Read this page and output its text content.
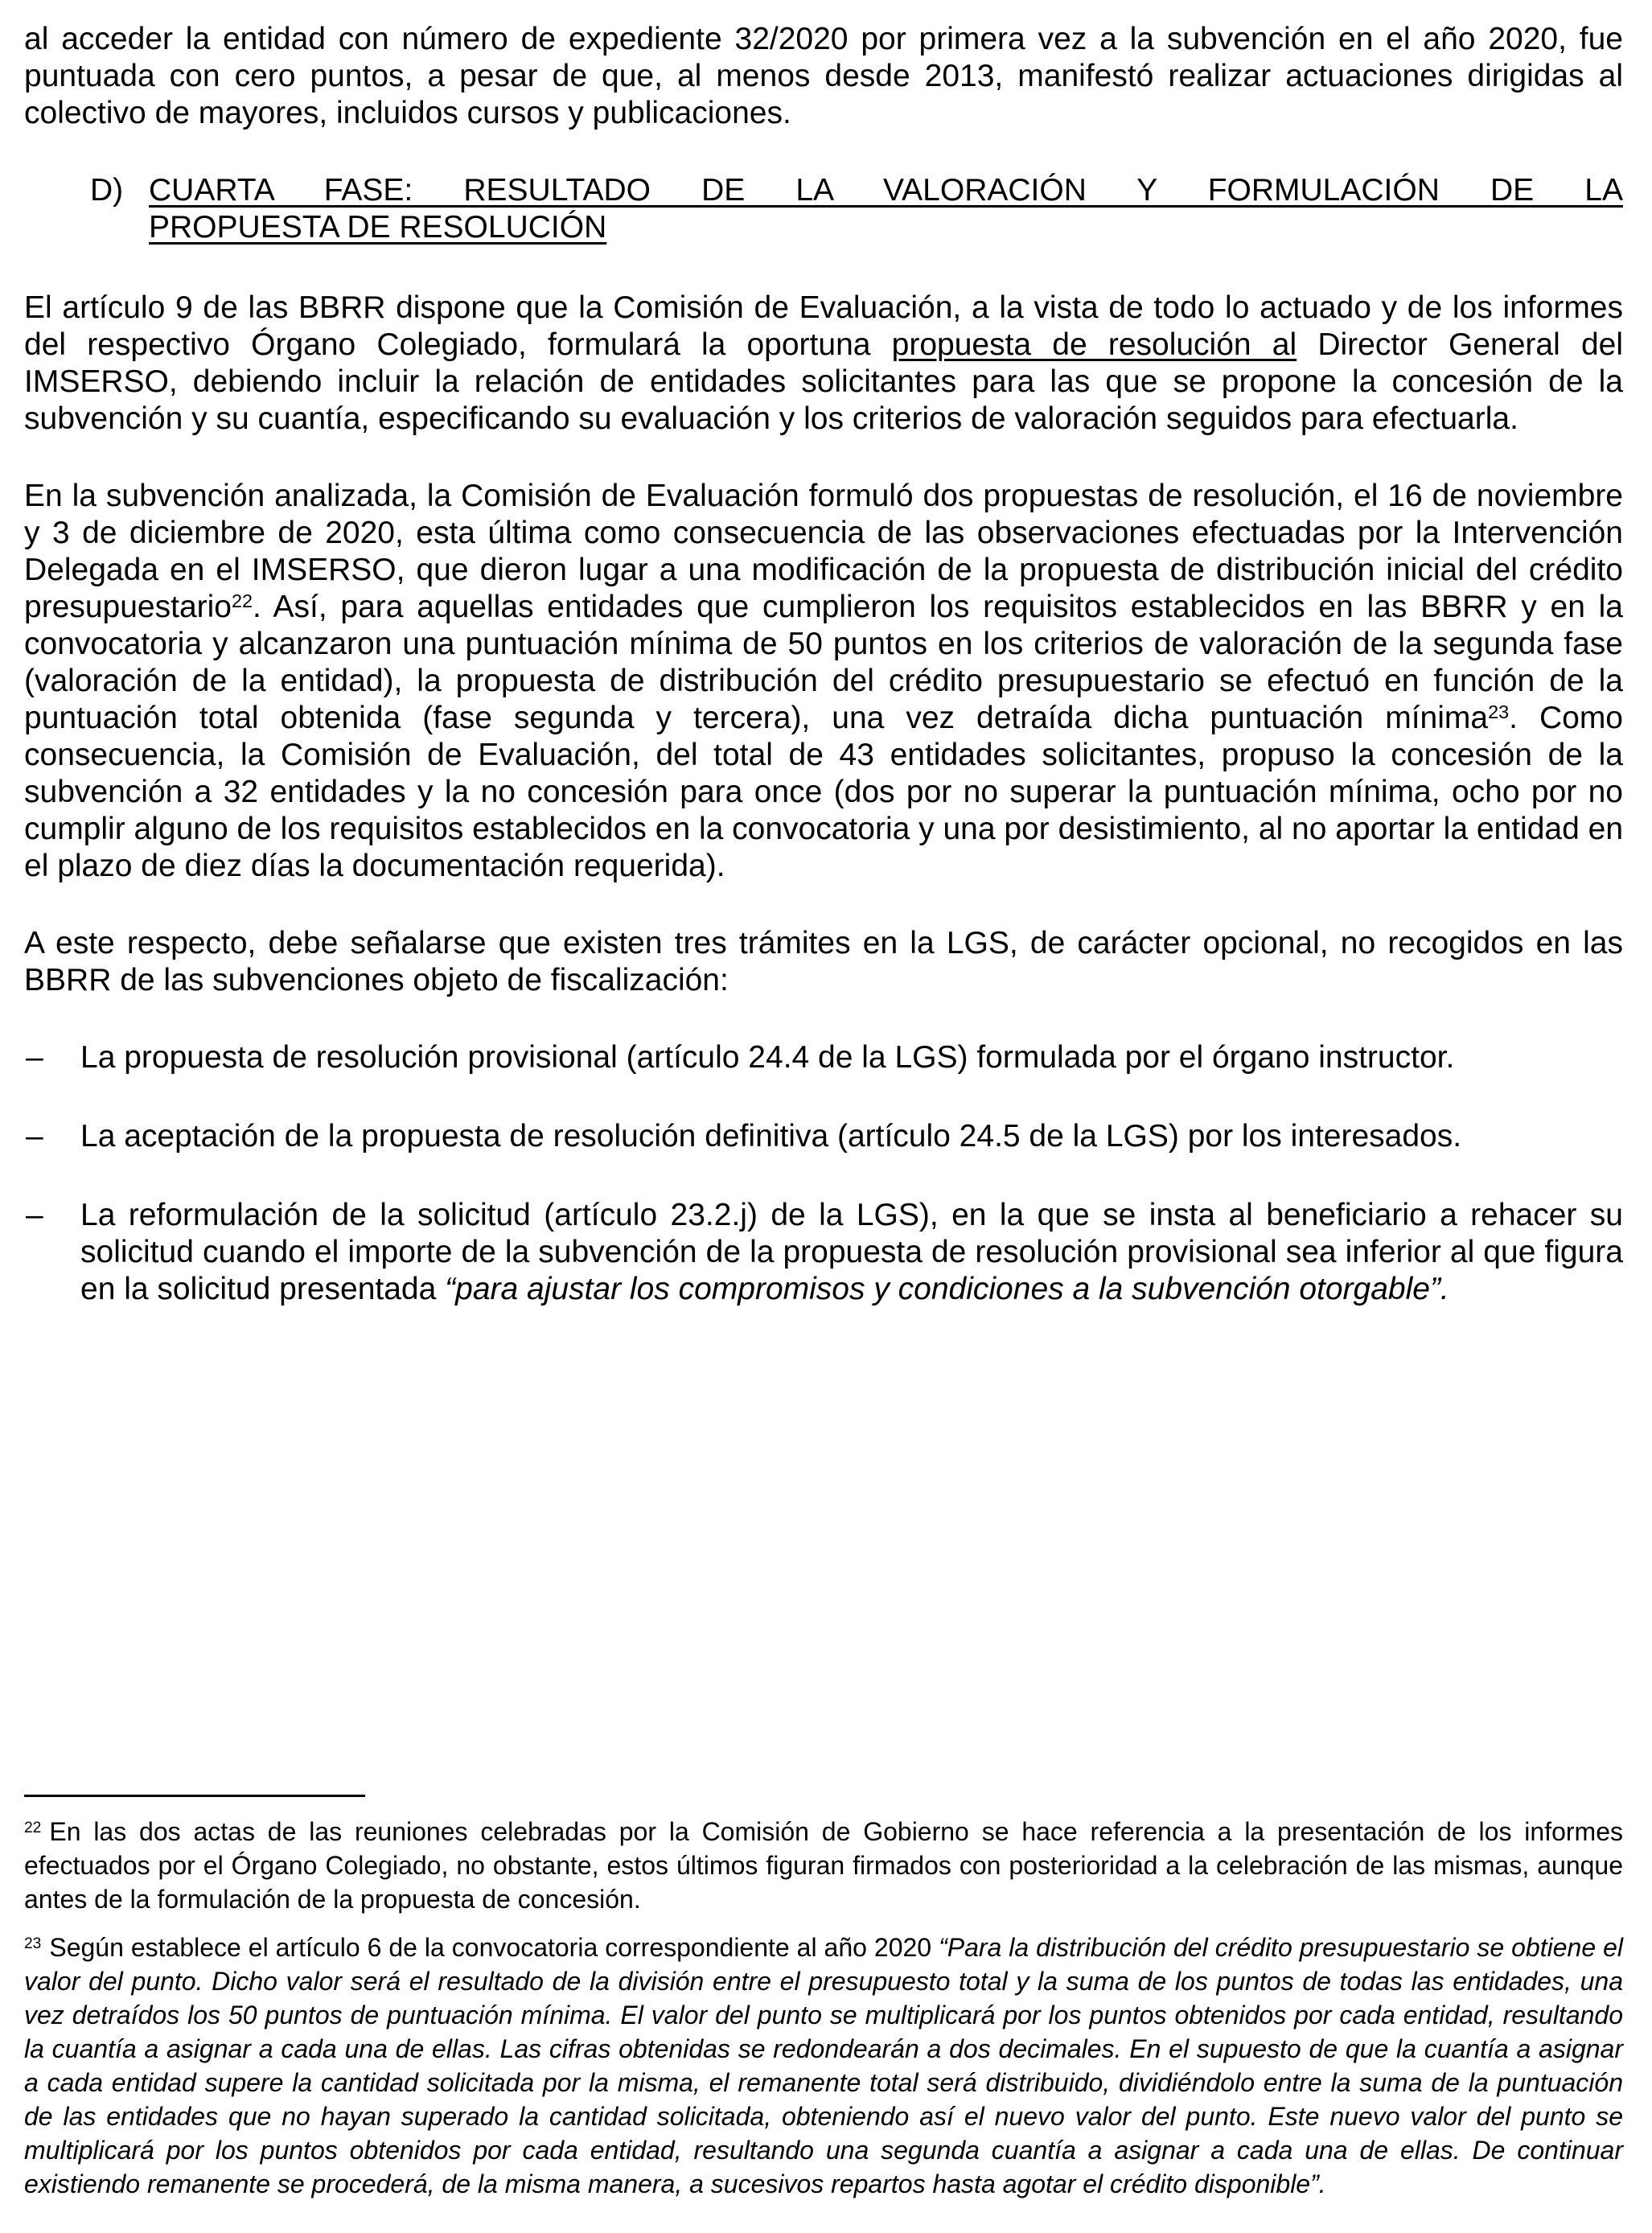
al acceder la entidad con número de expediente 32/2020 por primera vez a la subvención en el año 2020, fue puntuada con cero puntos, a pesar de que, al menos desde 2013, manifestó realizar actuaciones dirigidas al colectivo de mayores, incluidos cursos y publicaciones.

D) CUARTA FASE: RESULTADO DE LA VALORACIÓN Y FORMULACIÓN DE LA
PROPUESTA DE RESOLUCIÓN

El artículo 9 de las BBRR dispone que la Comisión de Evaluación, a la vista de todo lo actuado y de los informes del respectivo Órgano Colegiado, formulará la oportuna propuesta de resolución al Director General del IMSERSO, debiendo incluir la relación de entidades solicitantes para las que se propone la concesión de la subvención y su cuantía, especificando su evaluación y los criterios de valoración seguidos para efectuarla.

En la subvención analizada, la Comisión de Evaluación formuló dos propuestas de resolución, el 16 de noviembre y 3 de diciembre de 2020, esta última como consecuencia de las observaciones efectuadas por la Intervención Delegada en el IMSERSO, que dieron lugar a una modificación de la propuesta de distribución inicial del crédito presupuestario$^{22}$. Así, para aquellas entidades que cumplieron los requisitos establecidos en las BBRR y en la convocatoria y alcanzaron una puntuación mínima de 50 puntos en los criterios de valoración de la segunda fase (valoración de la entidad), la propuesta de distribución del crédito presupuestario se efectuó en función de la puntuación total obtenida (fase segunda y tercera), una vez detraída dicha puntuación mínima$^{23}$. Como consecuencia, la Comisión de Evaluación, del total de 43 entidades solicitantes, propuso la concesión de la subvención a 32 entidades y la no concesión para once (dos por no superar la puntuación mínima, ocho por no cumplir alguno de los requisitos establecidos en la convocatoria y una por desistimiento, al no aportar la entidad en el plazo de diez días la documentación requerida).

A este respecto, debe señalarse que existen tres trámites en la LGS, de carácter opcional, no recogidos en las BBRR de las subvenciones objeto de fiscalización:

– La propuesta de resolución provisional (artículo 24.4 de la LGS) formulada por el órgano instructor.
– La aceptación de la propuesta de resolución definitiva (artículo 24.5 de la LGS) por los interesados.
– La reformulación de la solicitud (artículo 23.2.j) de la LGS), en la que se insta al beneficiario a rehacer su solicitud cuando el importe de la subvención de la propuesta de resolución provisional sea inferior al que figura en la solicitud presentada “para ajustar los compromisos y condiciones a la subvención otorgable”.

$^{22}$ En las dos actas de las reuniones celebradas por la Comisión de Gobierno se hace referencia a la presentación de los informes efectuados por el Órgano Colegiado, no obstante, estos últimos figuran firmados con posterioridad a la celebración de las mismas, aunque antes de la formulación de la propuesta de concesión.

$^{23}$ Según establece el artículo 6 de la convocatoria correspondiente al año 2020 “Para la distribución del crédito presupuestario se obtiene el valor del punto. Dicho valor será el resultado de la división entre el presupuesto total y la suma de los puntos de todas las entidades, una vez detraídos los 50 puntos de puntuación mínima. El valor del punto se multiplicará por los puntos obtenidos por cada entidad, resultando la cuantía a asignar a cada una de ellas. Las cifras obtenidas se redondearán a dos decimales. En el supuesto de que la cuantía a asignar a cada entidad supere la cantidad solicitada por la misma, el remanente total será distribuido, dividiéndolo entre la suma de la puntuación de las entidades que no hayan superado la cantidad solicitada, obteniendo así el nuevo valor del punto. Este nuevo valor del punto se multiplicará por los puntos obtenidos por cada entidad, resultando una segunda cuantía a asignar a cada una de ellas. De continuar existiendo remanente se procederá, de la misma manera, a sucesivos repartos hasta agotar el crédito disponible”.
